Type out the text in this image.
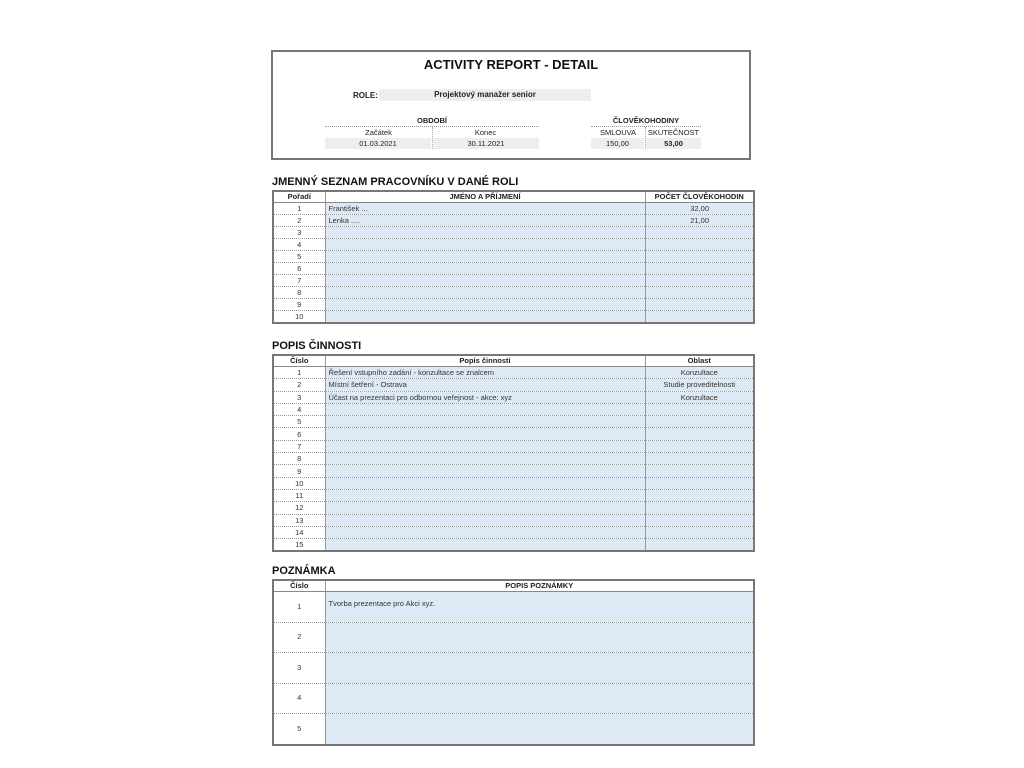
ACTIVITY REPORT - DETAIL
ROLE:	Projektový manažer senior
OBDOBÍ
Začátek	Konec
01.03.2021	30.11.2021
ČLOVĚKOHODINY
SMLOUVA	SKUTEČNOST
150,00	53,00
JMENNÝ SEZNAM PRACOVNÍKU V DANÉ ROLI
Pořadí	JMÉNO A PŘÍJMENÍ	POČET ČLOVĚKOHODIN
1	František ...	32,00
2	Lenka ....	21,00
3		
4		
5		
6		
7		
8		
9		
10		
POPIS ČINNOSTI
Číslo	Popis činnosti	Oblast
1	Řešení vstupního zadání - konzultace se znalcem	Konzultace
2	Místní šetření - Ostrava	Studie proveditelnosti
3	Účast na prezentaci pro odbornou veřejnost - akce: xyz	Konzultace
4		
5		
6		
7		
8		
9		
10		
11		
12		
13		
14		
15		
POZNÁMKA
Číslo	POPIS POZNÁMKY
1	Tvorba prezentace pro Akci xyz.
2	
3	
4	
5	
